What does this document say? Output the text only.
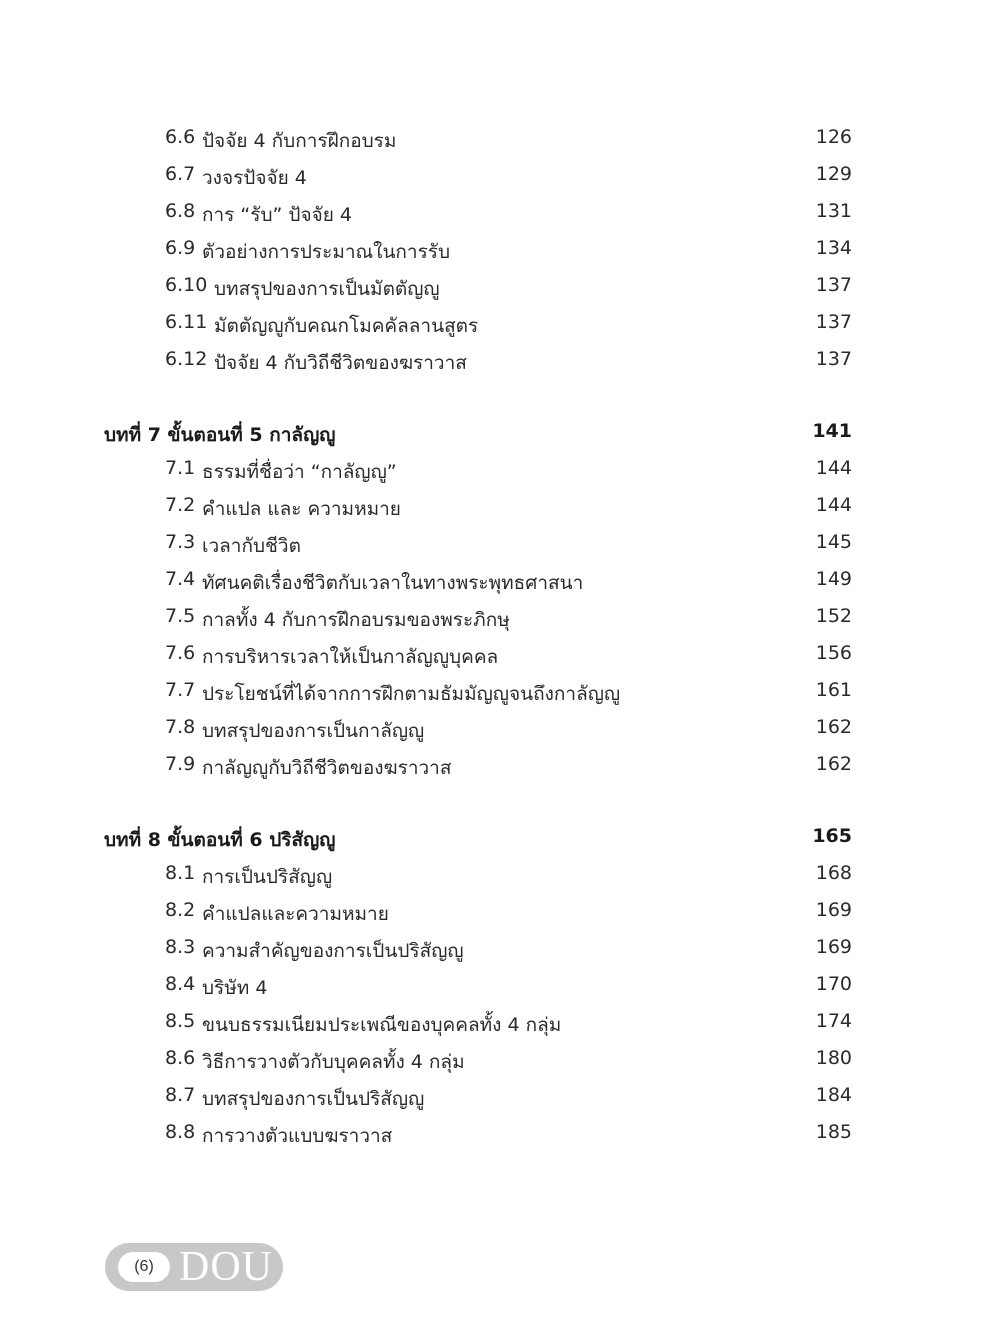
6.6 ปัจจัย 4 กับการฝึกอบรม	126
6.7 วงจรปัจจัย 4	129
6.8 การ “รับ” ปัจจัย 4	131
6.9 ตัวอย่างการประมาณในการรับ	134
6.10 บทสรุปของการเป็นมัตตัญญู	137
6.11 มัตตัญญูกับคณกโมคคัลลานสูตร	137
6.12 ปัจจัย 4 กับวิถีชีวิตของฆราวาส	137
บทที่ 7 ขั้นตอนที่ 5 กาลัญญู	141
7.1 ธรรมที่ชื่อว่า “กาลัญญู”	144
7.2 คำแปล และ ความหมาย	144
7.3 เวลากับชีวิต	145
7.4 ทัศนคติเรื่องชีวิตกับเวลาในทางพระพุทธศาสนา	149
7.5 กาลทั้ง 4 กับการฝึกอบรมของพระภิกษุ	152
7.6 การบริหารเวลาให้เป็นกาลัญญูบุคคล	156
7.7 ประโยชน์ที่ได้จากการฝึกตามธัมมัญญูจนถึงกาลัญญู	161
7.8 บทสรุปของการเป็นกาลัญญู	162
7.9 กาลัญญูกับวิถีชีวิตของฆราวาส	162
บทที่ 8 ขั้นตอนที่ 6 ปริสัญญู	165
8.1 การเป็นปริสัญญู	168
8.2 คำแปลและความหมาย	169
8.3 ความสำคัญของการเป็นปริสัญญู	169
8.4 บริษัท 4	170
8.5 ขนบธรรมเนียมประเพณีของบุคคลทั้ง 4 กลุ่ม	174
8.6 วิธีการวางตัวกับบุคคลทั้ง 4 กลุ่ม	180
8.7 บทสรุปของการเป็นปริสัญญู	184
8.8 การวางตัวแบบฆราวาส	185
(6) DOU
